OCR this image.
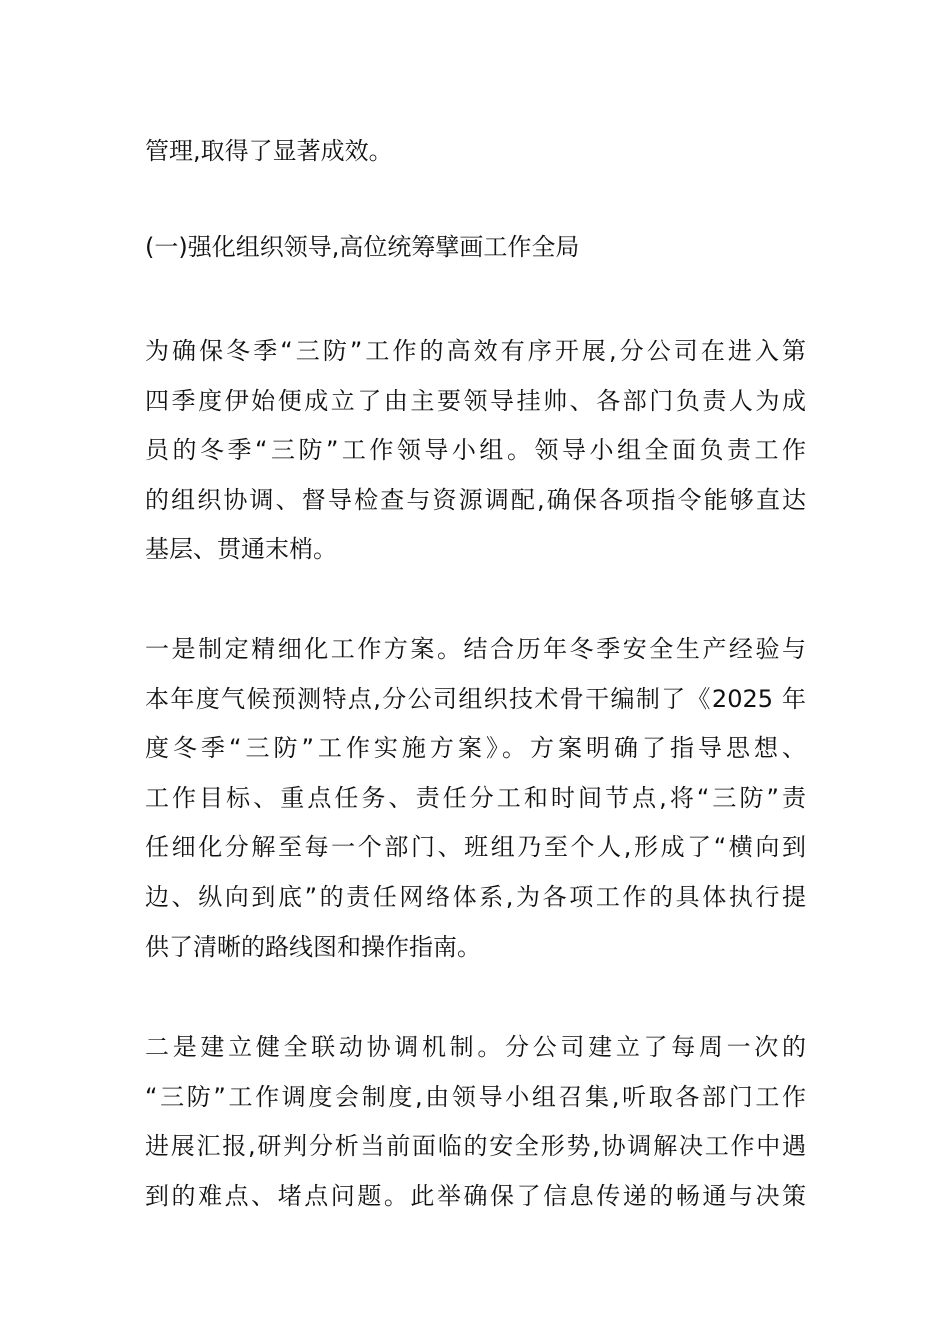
管理,取得了显著成效。
(一)强化组织领导,高位统筹擘画工作全局
为确保冬季“三防”工作的高效有序开展,分公司在进入第
四季度伊始便成立了由主要领导挂帅、各部门负责人为成
员的冬季“三防”工作领导小组。领导小组全面负责工作
的组织协调、督导检查与资源调配,确保各项指令能够直达
基层、贯通末梢。
一是制定精细化工作方案。结合历年冬季安全生产经验与
本年度气候预测特点,分公司组织技术骨干编制了《2025 年
度冬季“三防”工作实施方案》。方案明确了指导思想、
工作目标、重点任务、责任分工和时间节点,将“三防”责
任细化分解至每一个部门、班组乃至个人,形成了“横向到
边、纵向到底”的责任网络体系,为各项工作的具体执行提
供了清晰的路线图和操作指南。
二是建立健全联动协调机制。分公司建立了每周一次的
“三防”工作调度会制度,由领导小组召集,听取各部门工作
进展汇报,研判分析当前面临的安全形势,协调解决工作中遇
到的难点、堵点问题。此举确保了信息传递的畅通与决策
